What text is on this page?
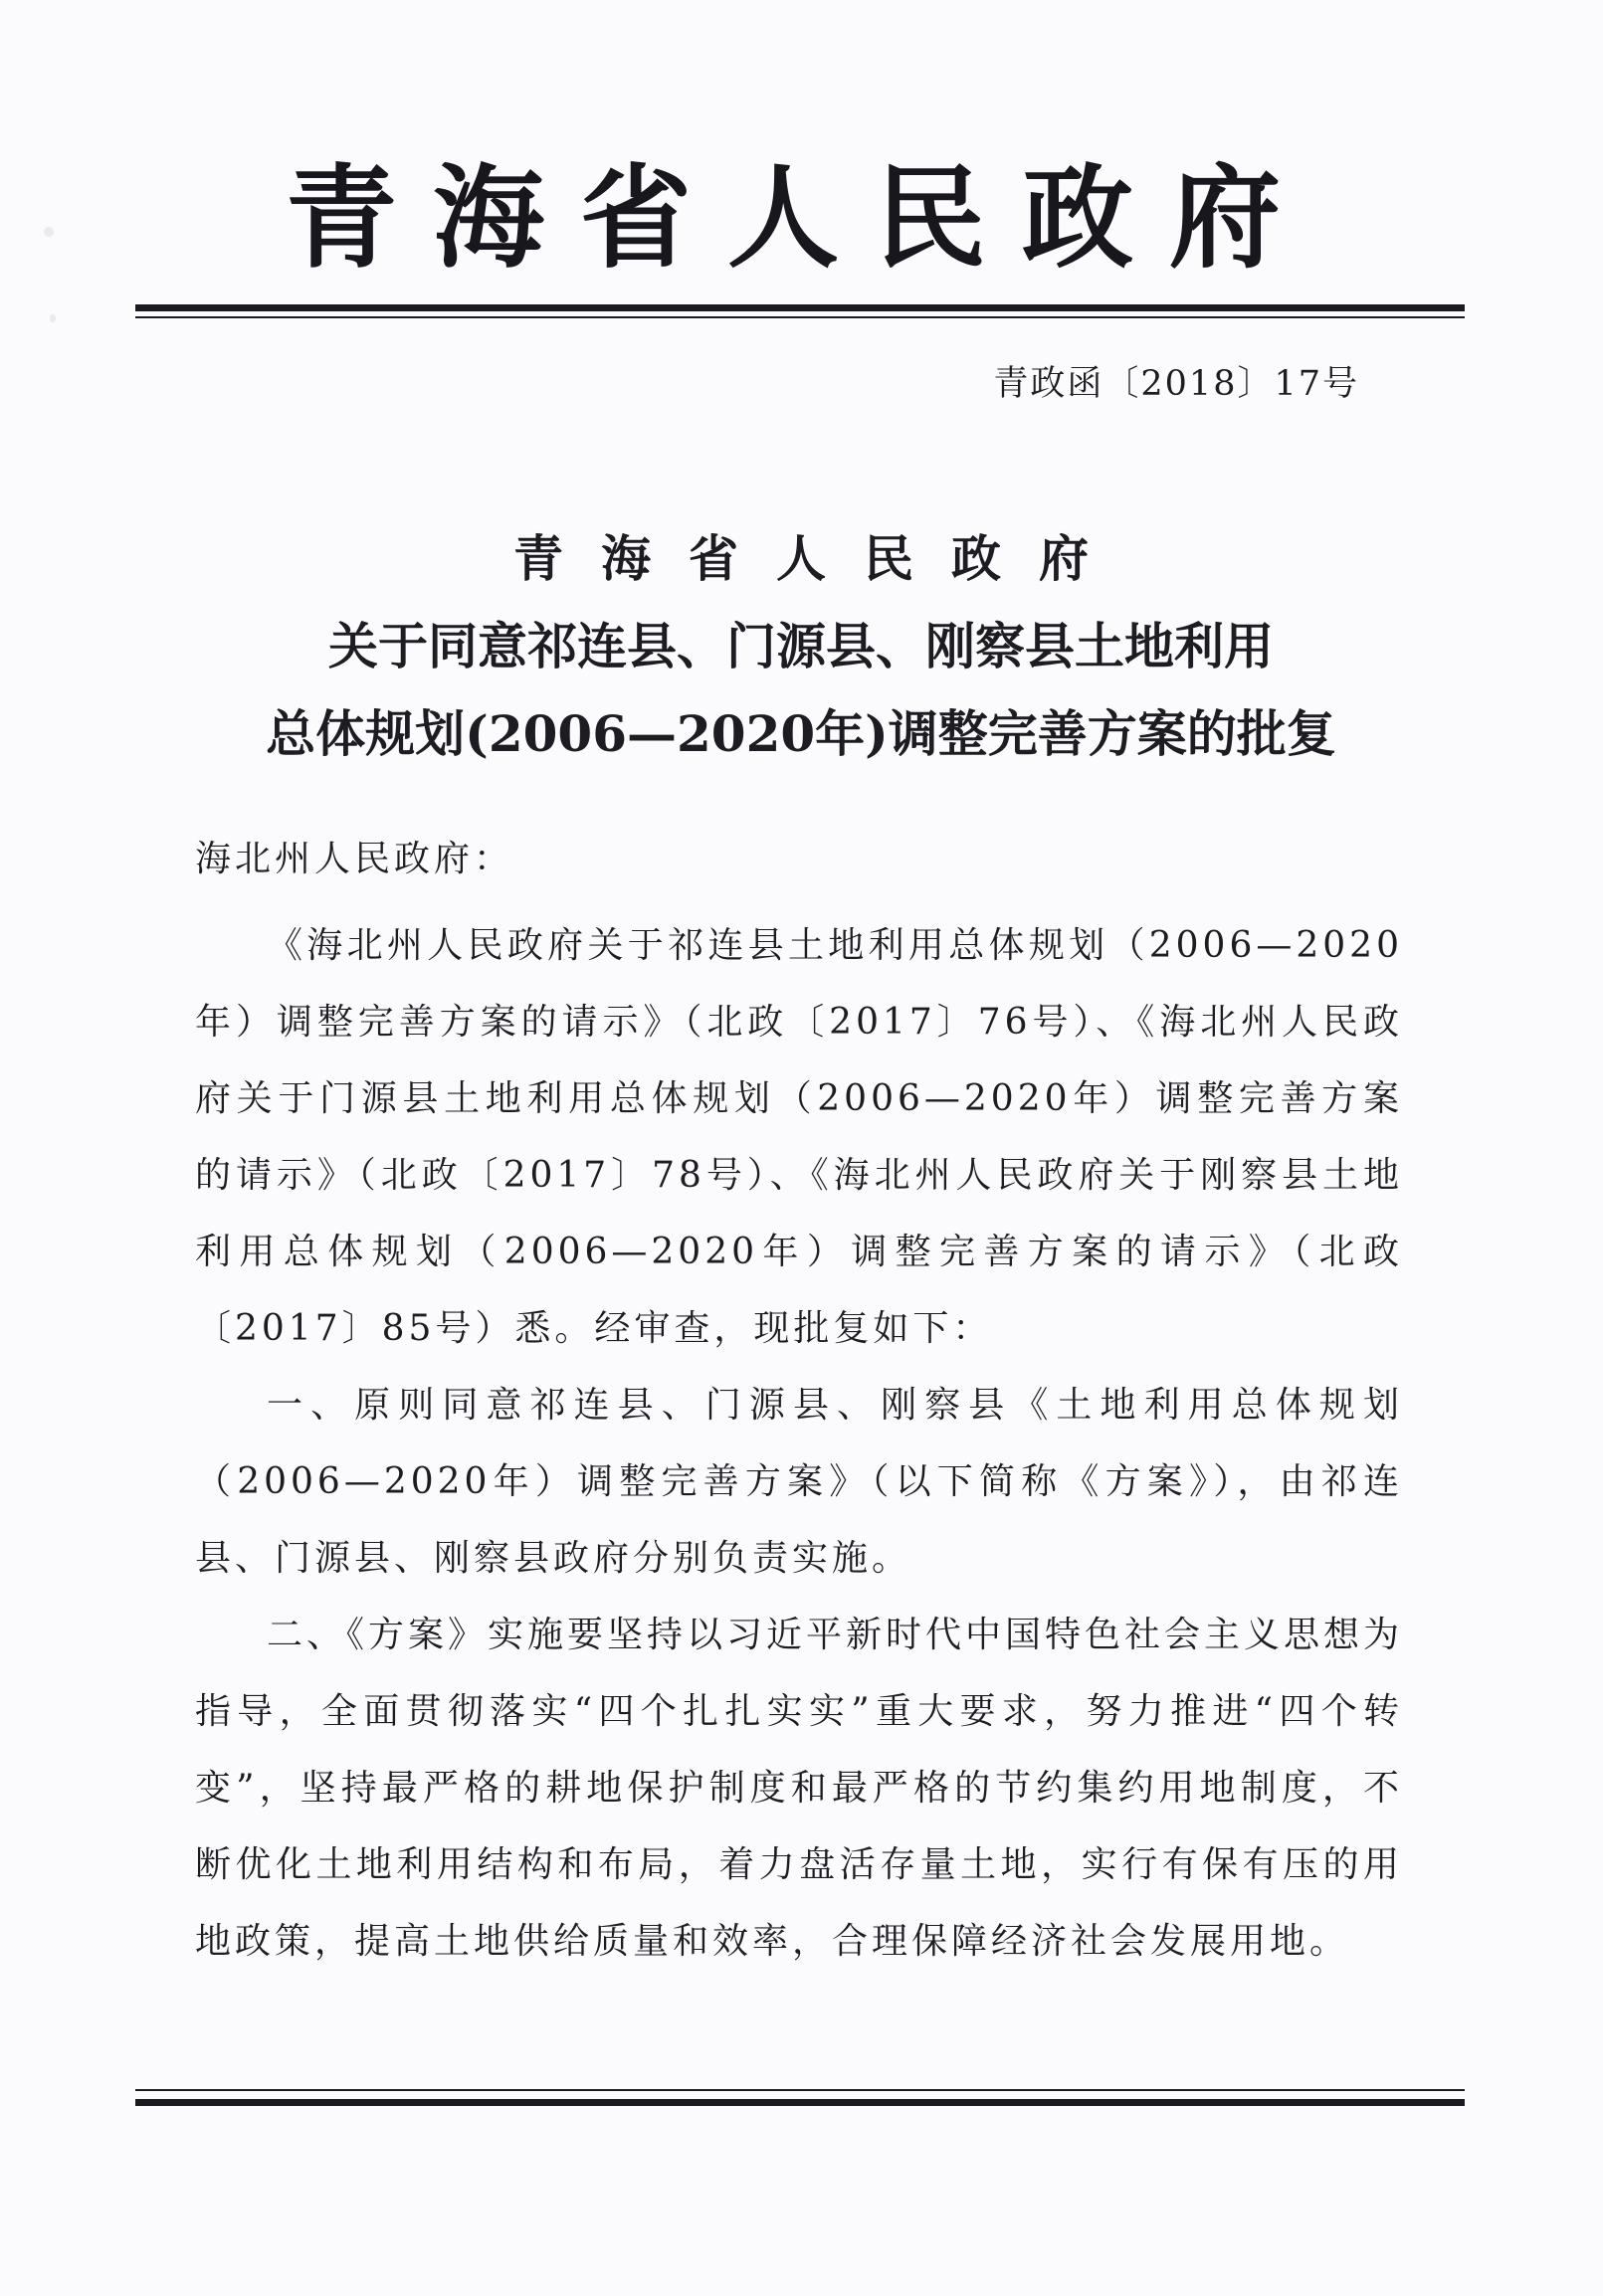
青海省人民政府
青政函〔2018〕17号
青海省人民政府
关于同意祁连县、门源县、刚察县土地利用
总体规划(2006—2020年)调整完善方案的批复
海北州人民政府：

《海北州人民政府关于祁连县土地利用总体规划（2006—2020年）调整完善方案的请示》（北政〔2017〕76号）、《海北州人民政府关于门源县土地利用总体规划（2006—2020年）调整完善方案的请示》（北政〔2017〕78号）、《海北州人民政府关于刚察县土地利用总体规划（2006—2020年）调整完善方案的请示》（北政〔2017〕85号）悉。经审查，现批复如下：

一、原则同意祁连县、门源县、刚察县《土地利用总体规划（2006—2020年）调整完善方案》（以下简称《方案》），由祁连县、门源县、刚察县政府分别负责实施。

二、《方案》实施要坚持以习近平新时代中国特色社会主义思想为指导，全面贯彻落实“四个扎扎实实”重大要求，努力推进“四个转变”，坚持最严格的耕地保护制度和最严格的节约集约用地制度，不断优化土地利用结构和布局，着力盘活存量土地，实行有保有压的用地政策，提高土地供给质量和效率，合理保障经济社会发展用地。
